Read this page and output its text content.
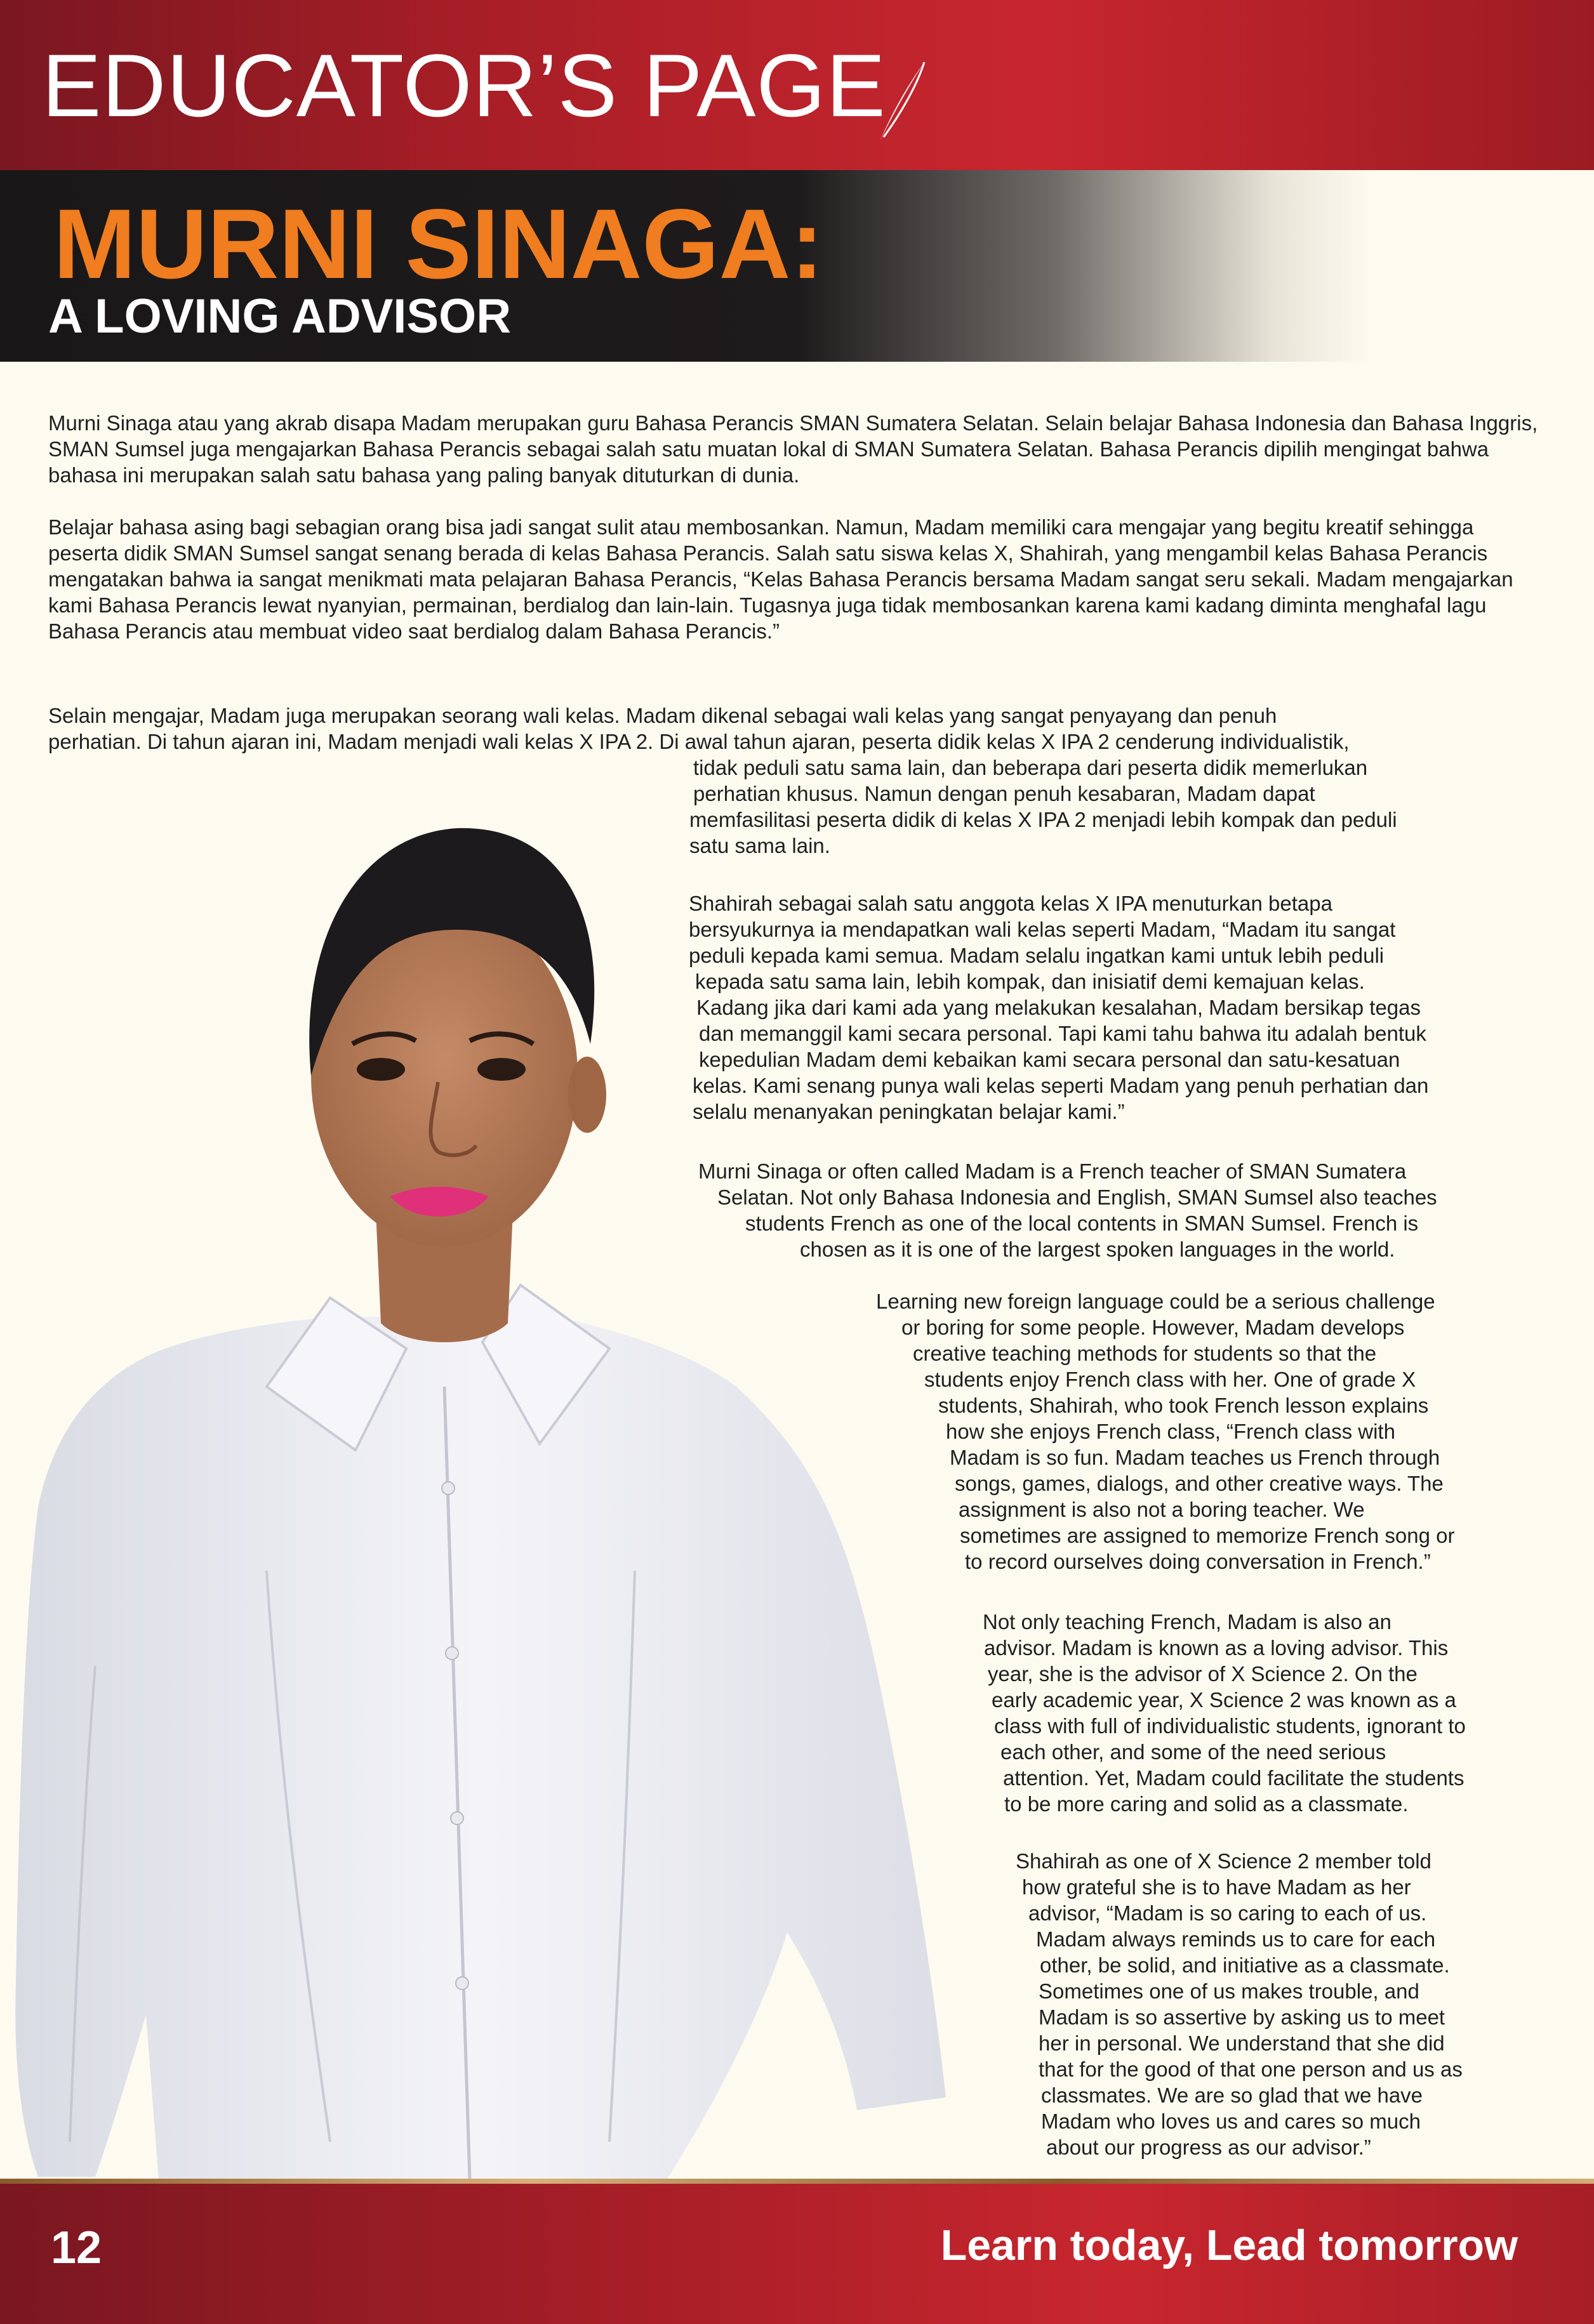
EDUCATOR’S PAGE
MURNI SINAGA:
A LOVING ADVISOR

Murni Sinaga atau yang akrab disapa Madam merupakan guru Bahasa Perancis SMAN Sumatera Selatan. Selain belajar Bahasa Indonesia dan Bahasa Inggris, SMAN Sumsel juga mengajarkan Bahasa Perancis sebagai salah satu muatan lokal di SMAN Sumatera Selatan. Bahasa Perancis dipilih mengingat bahwa bahasa ini merupakan salah satu bahasa yang paling banyak dituturkan di dunia.

Belajar bahasa asing bagi sebagian orang bisa jadi sangat sulit atau membosankan. Namun, Madam memiliki cara mengajar yang begitu kreatif sehingga peserta didik SMAN Sumsel sangat senang berada di kelas Bahasa Perancis. Salah satu siswa kelas X, Shahirah, yang mengambil kelas Bahasa Perancis mengatakan bahwa ia sangat menikmati mata pelajaran Bahasa Perancis, “Kelas Bahasa Perancis bersama Madam sangat seru sekali. Madam mengajarkan kami Bahasa Perancis lewat nyanyian, permainan, berdialog dan lain-lain. Tugasnya juga tidak membosankan karena kami kadang diminta menghafal lagu Bahasa Perancis atau membuat video saat berdialog dalam Bahasa Perancis.”

Selain mengajar, Madam juga merupakan seorang wali kelas. Madam dikenal sebagai wali kelas yang sangat penyayang dan penuh
perhatian. Di tahun ajaran ini, Madam menjadi wali kelas X IPA 2. Di awal tahun ajaran, peserta didik kelas X IPA 2 cenderung individualistik,
tidak peduli satu sama lain, dan beberapa dari peserta didik memerlukan
perhatian khusus. Namun dengan penuh kesabaran, Madam dapat
memfasilitasi peserta didik di kelas X IPA 2 menjadi lebih kompak dan peduli
satu sama lain.
Shahirah sebagai salah satu anggota kelas X IPA menuturkan betapa
bersyukurnya ia mendapatkan wali kelas seperti Madam, “Madam itu sangat
peduli kepada kami semua. Madam selalu ingatkan kami untuk lebih peduli
kepada satu sama lain, lebih kompak, dan inisiatif demi kemajuan kelas.
Kadang jika dari kami ada yang melakukan kesalahan, Madam bersikap tegas
dan memanggil kami secara personal. Tapi kami tahu bahwa itu adalah bentuk
kepedulian Madam demi kebaikan kami secara personal dan satu-kesatuan
kelas. Kami senang punya wali kelas seperti Madam yang penuh perhatian dan
selalu menanyakan peningkatan belajar kami.”
Murni Sinaga or often called Madam is a French teacher of SMAN Sumatera
Selatan. Not only Bahasa Indonesia and English, SMAN Sumsel also teaches
students French as one of the local contents in SMAN Sumsel. French is
chosen as it is one of the largest spoken languages in the world.
Learning new foreign language could be a serious challenge
or boring for some people. However, Madam develops
creative teaching methods for students so that the
students enjoy French class with her. One of grade X
students, Shahirah, who took French lesson explains
how she enjoys French class, “French class with
Madam is so fun. Madam teaches us French through
songs, games, dialogs, and other creative ways. The
assignment is also not a boring teacher. We
sometimes are assigned to memorize French song or
to record ourselves doing conversation in French.”
Not only teaching French, Madam is also an
advisor. Madam is known as a loving advisor. This
year, she is the advisor of X Science 2. On the
early academic year, X Science 2 was known as a
class with full of individualistic students, ignorant to
each other, and some of the need serious
attention. Yet, Madam could facilitate the students
to be more caring and solid as a classmate.
Shahirah as one of X Science 2 member told
how grateful she is to have Madam as her
advisor, “Madam is so caring to each of us.
Madam always reminds us to care for each
other, be solid, and initiative as a classmate.
Sometimes one of us makes trouble, and
Madam is so assertive by asking us to meet
her in personal. We understand that she did
that for the good of that one person and us as
classmates. We are so glad that we have
Madam who loves us and cares so much
about our progress as our advisor.”
12	Learn today, Lead tomorrow
